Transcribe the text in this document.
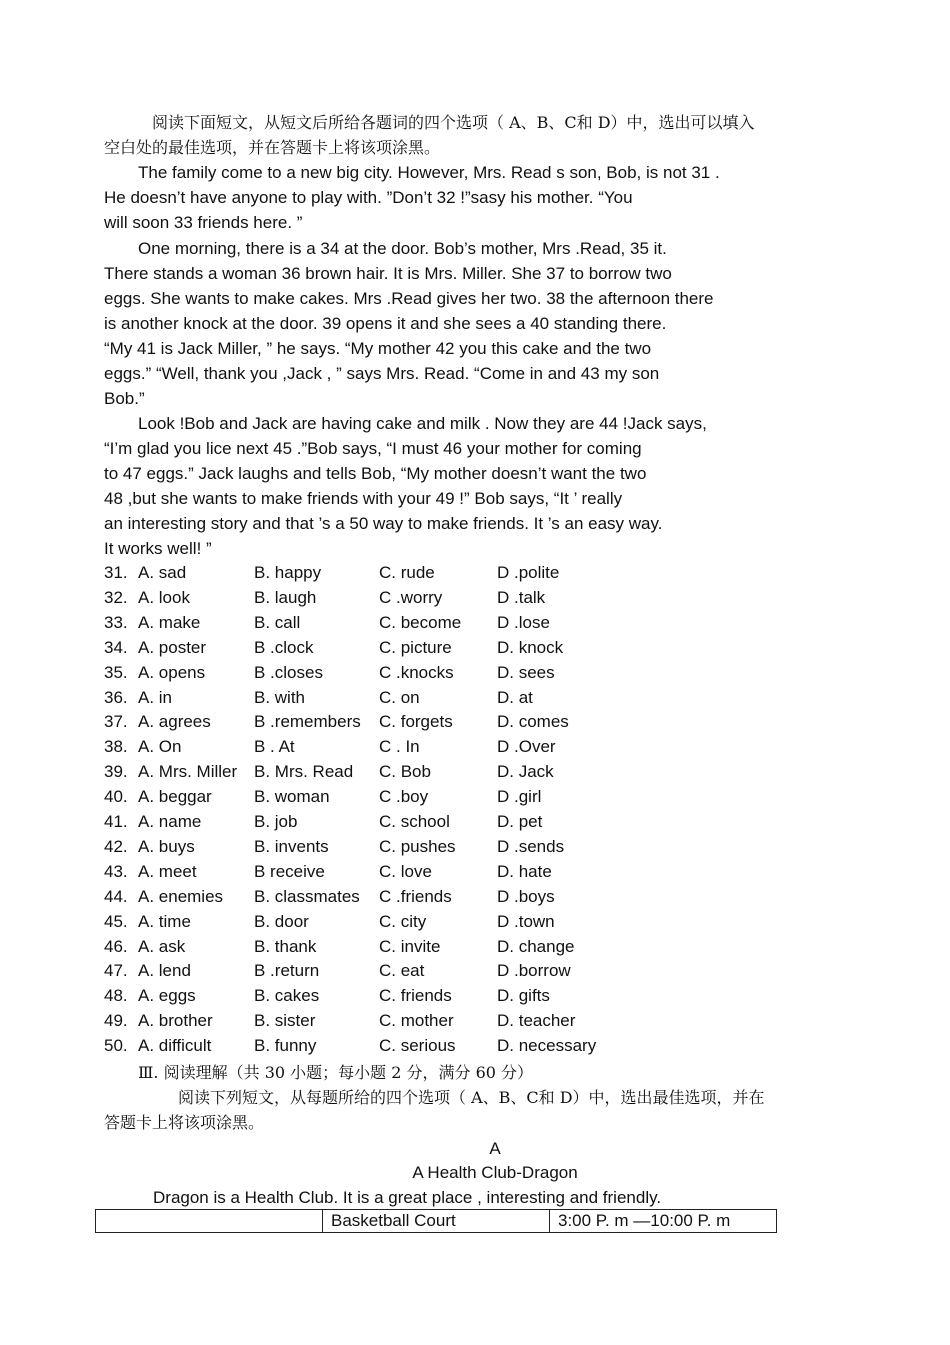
阅读下面短文，从短文后所给各题词的四个选项（ A、B、C和 D）中，选出可以填入
空白处的最佳选项，并在答题卡上将该项涂黑。
The family come to a new big city. However, Mrs. Read s son, Bob, is not 31 .
He doesn’t have anyone to play with. ”Don’t 32 !”sasy his mother. “You
will soon 33 friends here. ”
One morning, there is a 34 at the door. Bob’s mother, Mrs .Read, 35 it.
There stands a woman 36 brown hair. It is Mrs. Miller. She 37 to borrow two
eggs. She wants to make cakes. Mrs .Read gives her two. 38 the afternoon there
is another knock at the door. 39 opens it and she sees a 40 standing there.
“My 41 is Jack Miller, ” he says. “My mother 42 you this cake and the two
eggs.” “Well, thank you ,Jack , ” says Mrs. Read. “Come in and 43 my son
Bob.”
Look !Bob and Jack are having cake and milk . Now they are 44 !Jack says,
“I’m glad you lice next 45 .”Bob says, “I must 46 your mother for coming
to 47 eggs.” Jack laughs and tells Bob, “My mother doesn’t want the two
48 ,but she wants to make friends with your 49 !” Bob says, “It ’ really
an interesting story and that ’s a 50 way to make friends. It ’s an easy way.
It works well! ”
31. A. sad	B. happy	C. rude	D .polite
32. A. look	B. laugh	C .worry	D .talk
33. A. make	B. call	C. become D .lose
34. A. poster	B .clock	C. picture	D. knock
35. A. opens	B .closes	C .knocks	D. sees
36. A. in	B. with	C. on	D. at
37. A. agrees	B .remembers C. forgets	D. comes
38. A. On	B . At	C . In	D .Over
39. A. Mrs. Miller B. Mrs. Read C. Bob	D. Jack
40. A. beggar B. woman	C .boy	D .girl
41. A. name	B. job	C. school	D. pet
42. A. buys	B. invents	C. pushes D .sends
43. A. meet	B receive	C. love	D. hate
44. A. enemies B. classmates C .friends	D .boys
45. A. time	B. door	C. city	D .town
46. A. ask	B. thank	C. invite	D. change
47. A. lend	B .return	C. eat	D .borrow
48. A. eggs	B. cakes	C. friends	D. gifts
49. A. brother B. sister	C. mother	D. teacher
50. A. difficult	B. funny	C. serious D. necessary
Ⅲ. 阅读理解（共 30 小题；每小题 2 分，满分 60 分）
阅读下列短文，从每题所给的四个选项（ A、B、C和 D）中，选出最佳选项，并在
答题卡上将该项涂黑。
A
A Health Club-Dragon
Dragon is a Health Club. It is a great place , interesting and friendly.
	Basketball Court	3:00 P. m —10:00 P. m
